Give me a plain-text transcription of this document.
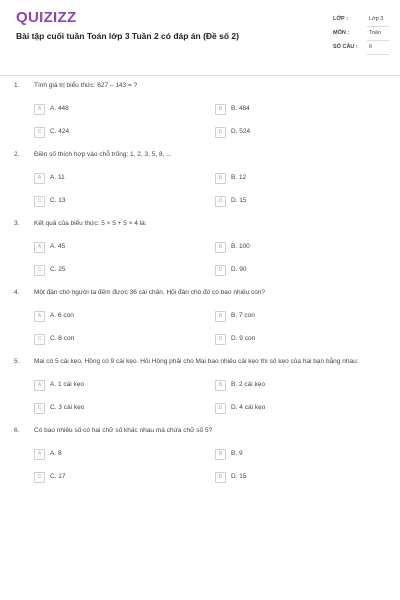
QUIZIZZ
Bài tập cuối tuần Toán lớp 3 Tuần 2 có đáp án (Đề số 2)
LỚP :	Lớp 3
MÔN :	Toán
SỐ CÂU : 6
1. Tính giá trị biểu thức: 627 – 143 = ?
A	A. 448	B	B. 484
C	C. 424	D	D. 524
2. Điền số thích hợp vào chỗ trống: 1, 2, 3, 5, 8, ...
A	A. 11	B	B. 12
C	C. 13	D	D. 15
3. Kết quả của biểu thức: 5 × 5 + 5 × 4 là:
A	A. 45	B	B. 100
C	C. 25	D	D. 90
4. Một đàn chó người ta đếm được 36 cái chân. Hỏi đàn chó đó có bao nhiêu con?
A	A. 6 con	B	B. 7 con
C	C. 8 con	D	D. 9 con
5. Mai có 5 cái kẹo, Hồng có 9 cái kẹo. Hỏi Hồng phải cho Mai bao nhiêu cái kẹo thì số kẹo của hai bạn bằng nhau:
A	A. 1 cái kẹo	B	B. 2 cái kẹo
C	C. 3 cái kẹo	D	D. 4 cái kẹo
6. Có bao nhiêu số có hai chữ số khác nhau mà chứa chữ số 5?
A	A. 8	B	B. 9
C	C. 17	D	D. 15
